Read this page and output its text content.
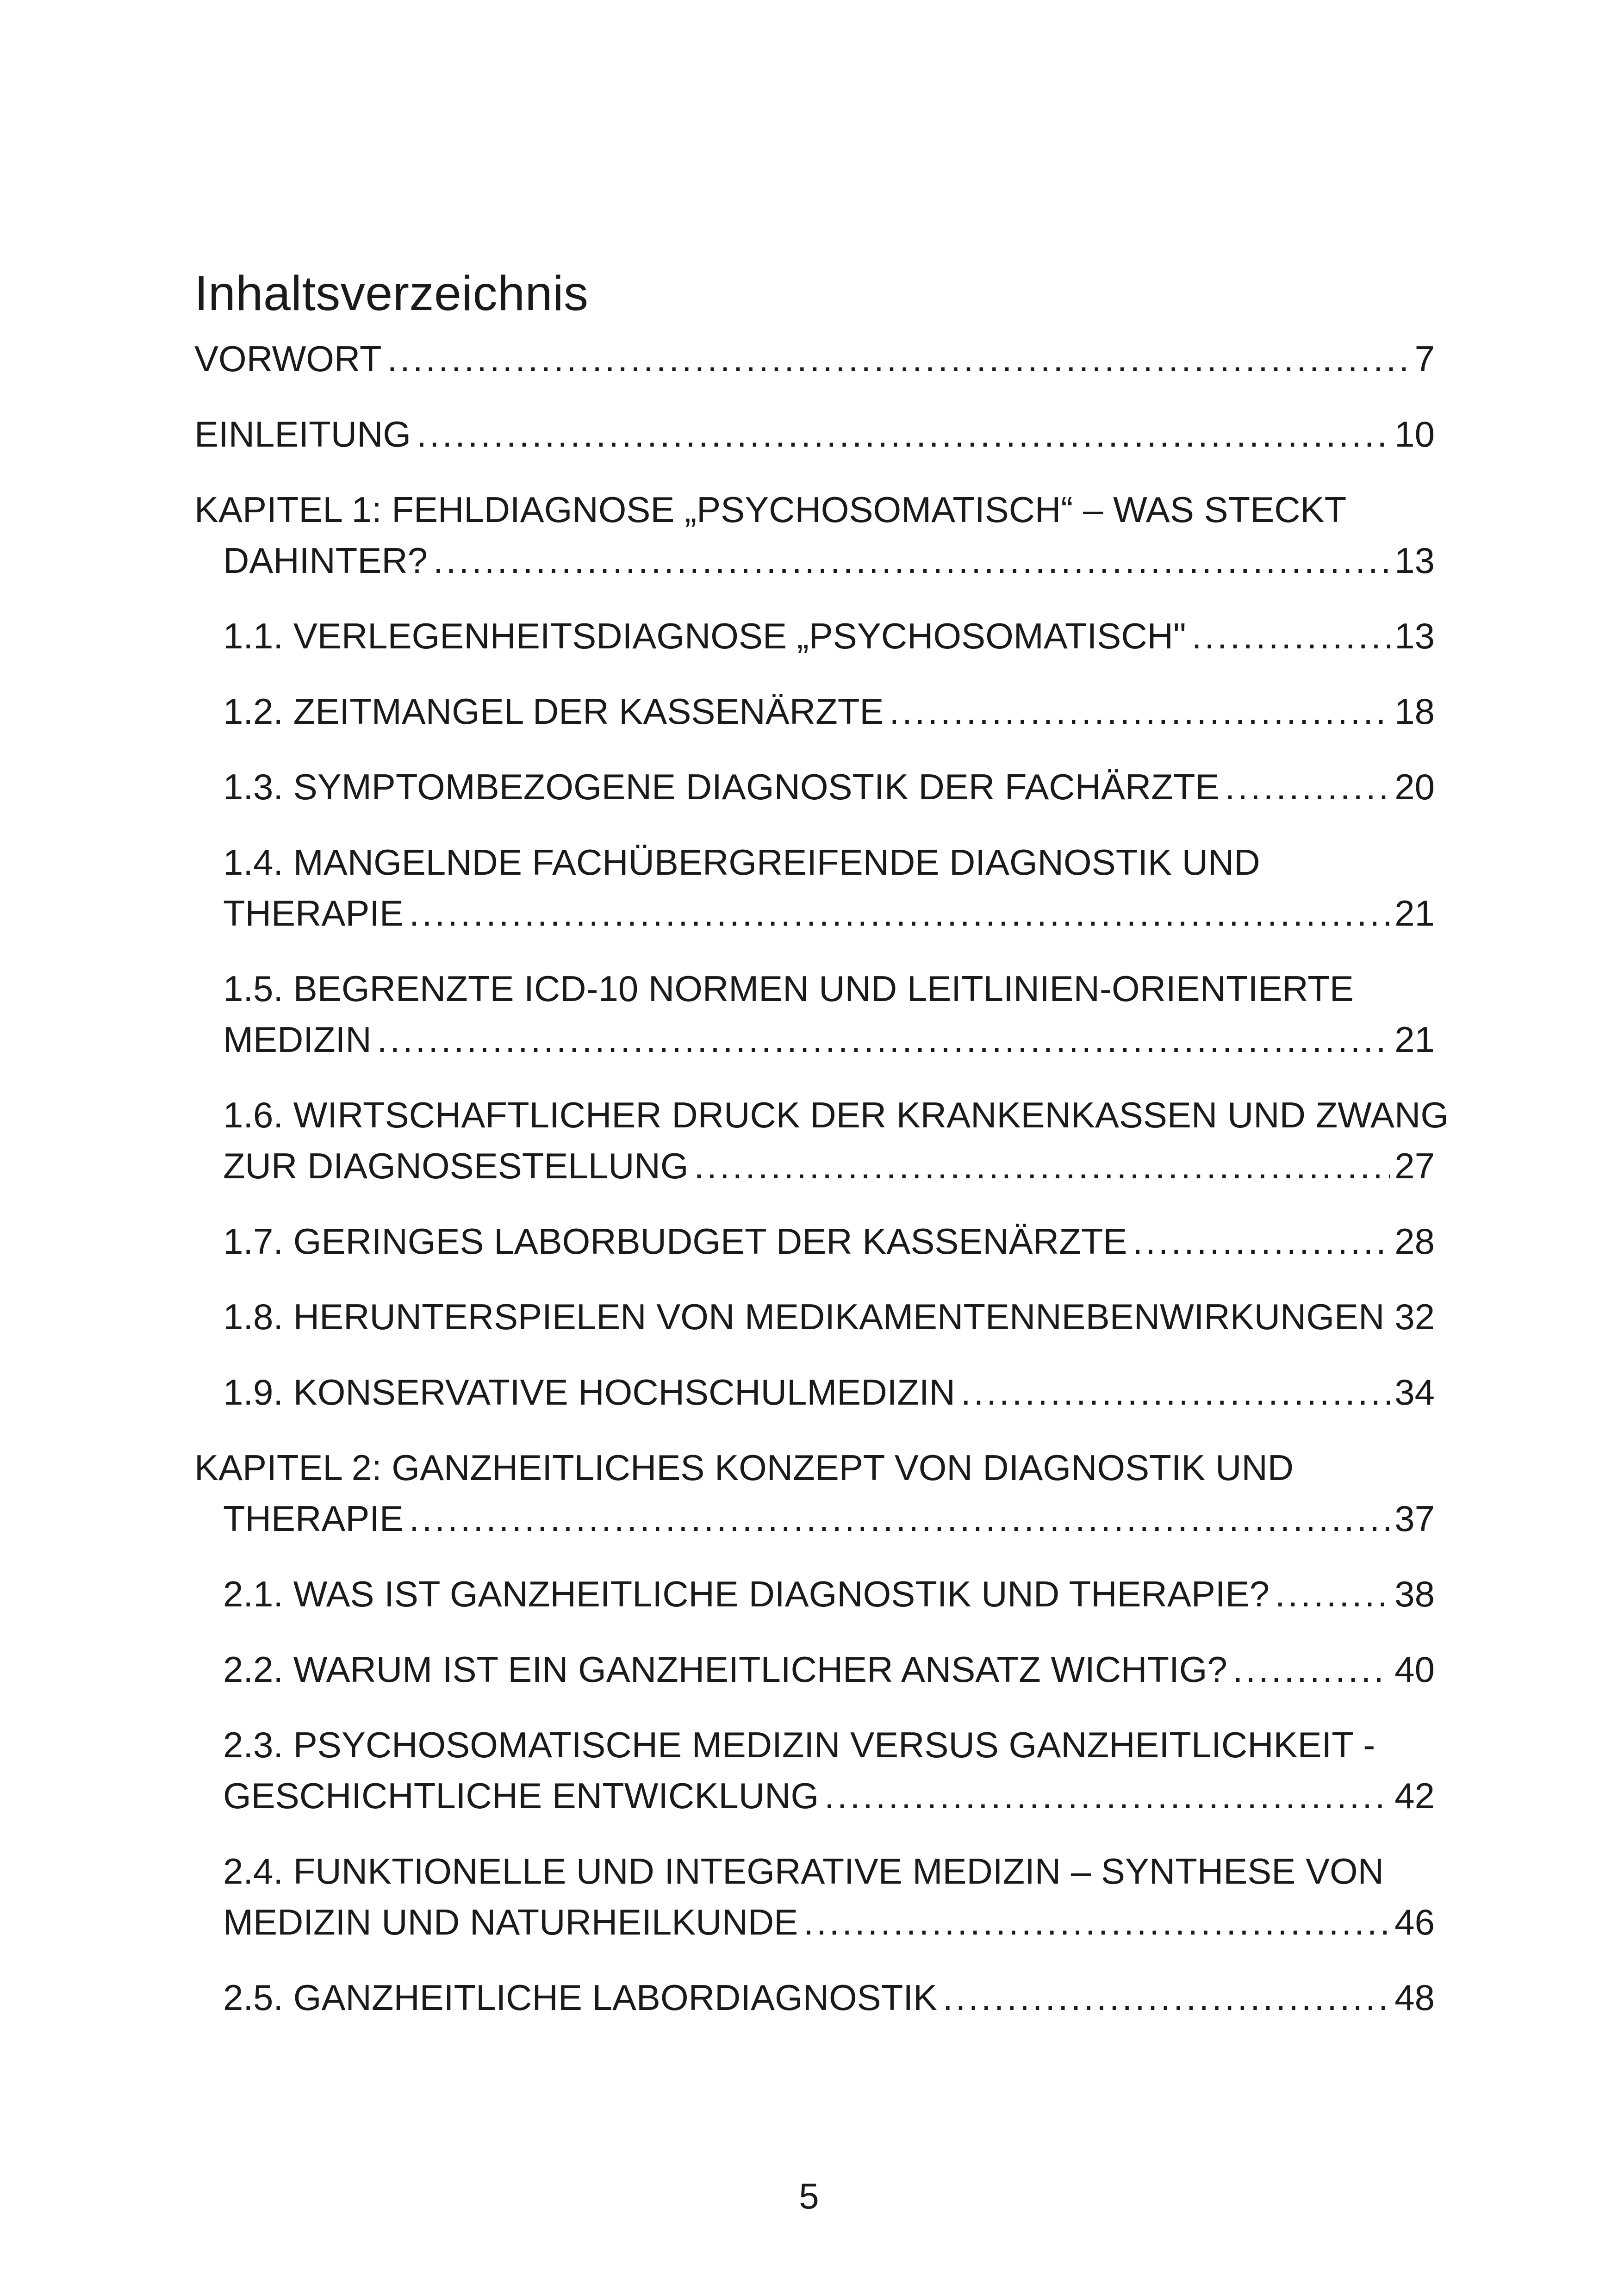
Inhaltsverzeichnis
VORWORT .....	7
EINLEITUNG .....	10
KAPITEL 1: FEHLDIAGNOSE „PSYCHOSOMATISCH“ – WAS STECKT
DAHINTER? .....	13
1.1. VERLEGENHEITSDIAGNOSE „PSYCHOSOMATISCH" .....	13
1.2. ZEITMANGEL DER KASSENÄRZTE .....	18
1.3. SYMPTOMBEZOGENE DIAGNOSTIK DER FACHÄRZTE .....	20
1.4. MANGELNDE FACHÜBERGREIFENDE DIAGNOSTIK UND
THERAPIE .....	21
1.5. BEGRENZTE ICD-10 NORMEN UND LEITLINIEN-ORIENTIERTE
MEDIZIN .....	21
1.6. WIRTSCHAFTLICHER DRUCK DER KRANKENKASSEN UND ZWANG
ZUR DIAGNOSESTELLUNG .....	27
1.7. GERINGES LABORBUDGET DER KASSENÄRZTE .....	28
1.8. HERUNTERSPIELEN VON MEDIKAMENTENNEBENWIRKUNGEN 32
1.9. KONSERVATIVE HOCHSCHULMEDIZIN .....	34
KAPITEL 2: GANZHEITLICHES KONZEPT VON DIAGNOSTIK UND
THERAPIE .....	37
2.1. WAS IST GANZHEITLICHE DIAGNOSTIK UND THERAPIE? .....	38
2.2. WARUM IST EIN GANZHEITLICHER ANSATZ WICHTIG? .....	40
2.3. PSYCHOSOMATISCHE MEDIZIN VERSUS GANZHEITLICHKEIT -
GESCHICHTLICHE ENTWICKLUNG .....	42
2.4. FUNKTIONELLE UND INTEGRATIVE MEDIZIN – SYNTHESE VON
MEDIZIN UND NATURHEILKUNDE .....	46
2.5. GANZHEITLICHE LABORDIAGNOSTIK .....	48
5
